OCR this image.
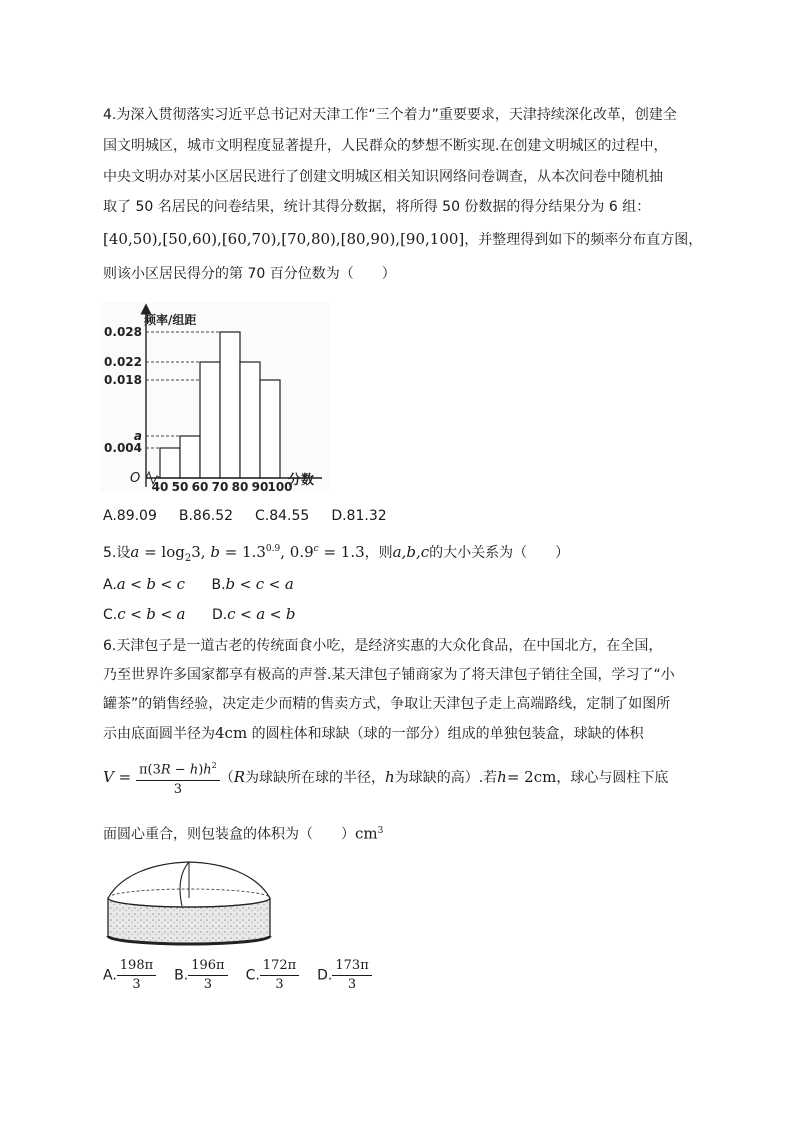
4.为深入贯彻落实习近平总书记对天津工作“三个着力”重要要求，天津持续深化改革，创建全
国文明城区，城市文明程度显著提升，人民群众的梦想不断实现.在创建文明城区的过程中，
中央文明办对某小区居民进行了创建文明城区相关知识网络问卷调查，从本次问卷中随机抽
取了 50 名居民的问卷结果，统计其得分数据，将所得 50 份数据的得分结果分为 6 组：
[40,50),[50,60),[60,70),[70,80),[80,90),[90,100]，并整理得到如下的频率分布直方图，
则该小区居民得分的第 70 百分位数为（　　）
频率/组距
O	分数
0.028
0.022
0.018
a
0.004
40 50 60 70 80 90 100
A.89.09 B.86.52 C.84.55 D.81.32
5.设$a = \log_23$, $b = 1.3^{0.9}$, 0.9$^c$ = 1.3，则a,b,c的大小关系为（　　）
A.a < b < c B.b < c < a
C.c < b < a D.c < a < b
6.天津包子是一道古老的传统面食小吃，是经济实惠的大众化食品，在中国北方，在全国，
乃至世界许多国家都享有极高的声誉.某天津包子铺商家为了将天津包子销往全国，学习了“小
罐茶”的销售经验，决定走少而精的售卖方式，争取让天津包子走上高端路线，定制了如图所
示由底面圆半径为4cm 的圆柱体和球缺（球的一部分）组成的单独包装盒，球缺的体积
$V = \frac{\pi(3R - h)h^2}{3} (R$为球缺所在球的半径，h为球缺的高）.若h= 2cm，球心与圆柱下底
面圆心重合，则包装盒的体积为（　　）$cm^3$
A. $\frac{198\pi}{3} B$. $\frac{196\pi}{3} C$. $\frac{172\pi}{3} D$. $\frac{173\pi}{3}$
